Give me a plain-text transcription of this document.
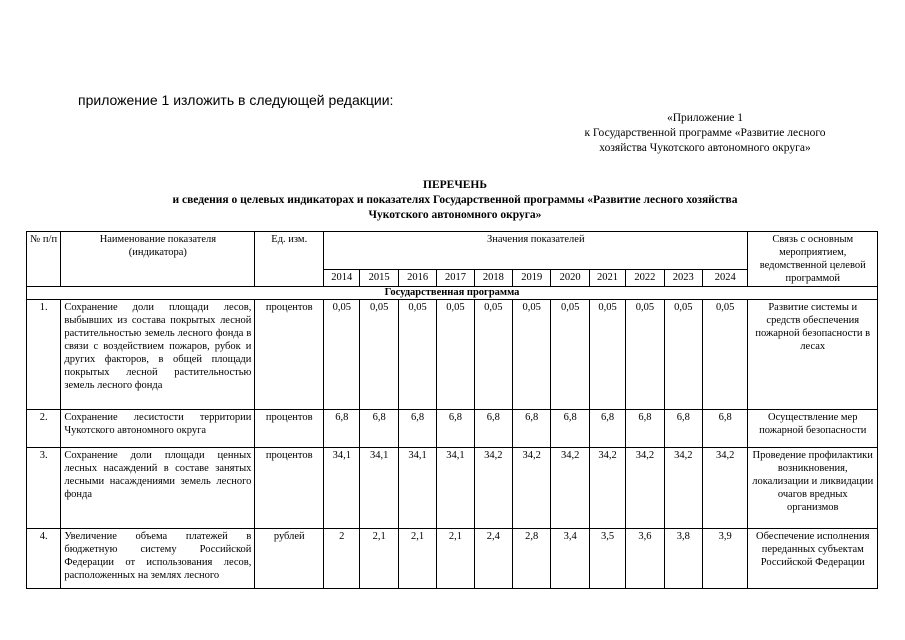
приложение 1 изложить в следующей редакции:
«Приложение 1
к Государственной программе «Развитие лесного
хозяйства Чукотского автономного округа»
ПЕРЕЧЕНЬ
и сведения о целевых индикаторах и показателях Государственной программы «Развитие лесного хозяйства
Чукотского автономного округа»
№ п/п	Наименование показателя (индикатора)	Ед. изм.	Значения показателей											Связь с основным мероприятием, ведомственной целевой программой
			2014	2015	2016	2017	2018	2019	2020	2021	2022	2023	2024	
Государственная программа														
1.	Сохранение доли площади лесов, выбывших из состава покрытых лесной растительностью земель лесного фонда в связи с воздействием пожаров, рубок и других факторов, в общей площади покрытых лесной растительностью земель лесного фонда	процентов	0,05	0,05	0,05	0,05	0,05	0,05	0,05	0,05	0,05	0,05	0,05	Развитие системы и средств обеспечения пожарной безопасности в лесах
2.	Сохранение лесистости территории Чукотского автономного округа	процентов	6,8	6,8	6,8	6,8	6,8	6,8	6,8	6,8	6,8	6,8	6,8	Осуществление мер пожарной безопасности
3.	Сохранение доли площади ценных лесных насаждений в составе занятых лесными насаждениями земель лесного фонда	процентов	34,1	34,1	34,1	34,1	34,2	34,2	34,2	34,2	34,2	34,2	34,2	Проведение профилактики возникновения, локализации и ликвидации очагов вредных организмов
4.	Увеличение объема платежей в бюджетную систему Российской Федерации от использования лесов, расположенных на землях лесного	рублей	2	2,1	2,1	2,1	2,4	2,8	3,4	3,5	3,6	3,8	3,9	Обеспечение исполнения переданных субъектам Российской Федерации
